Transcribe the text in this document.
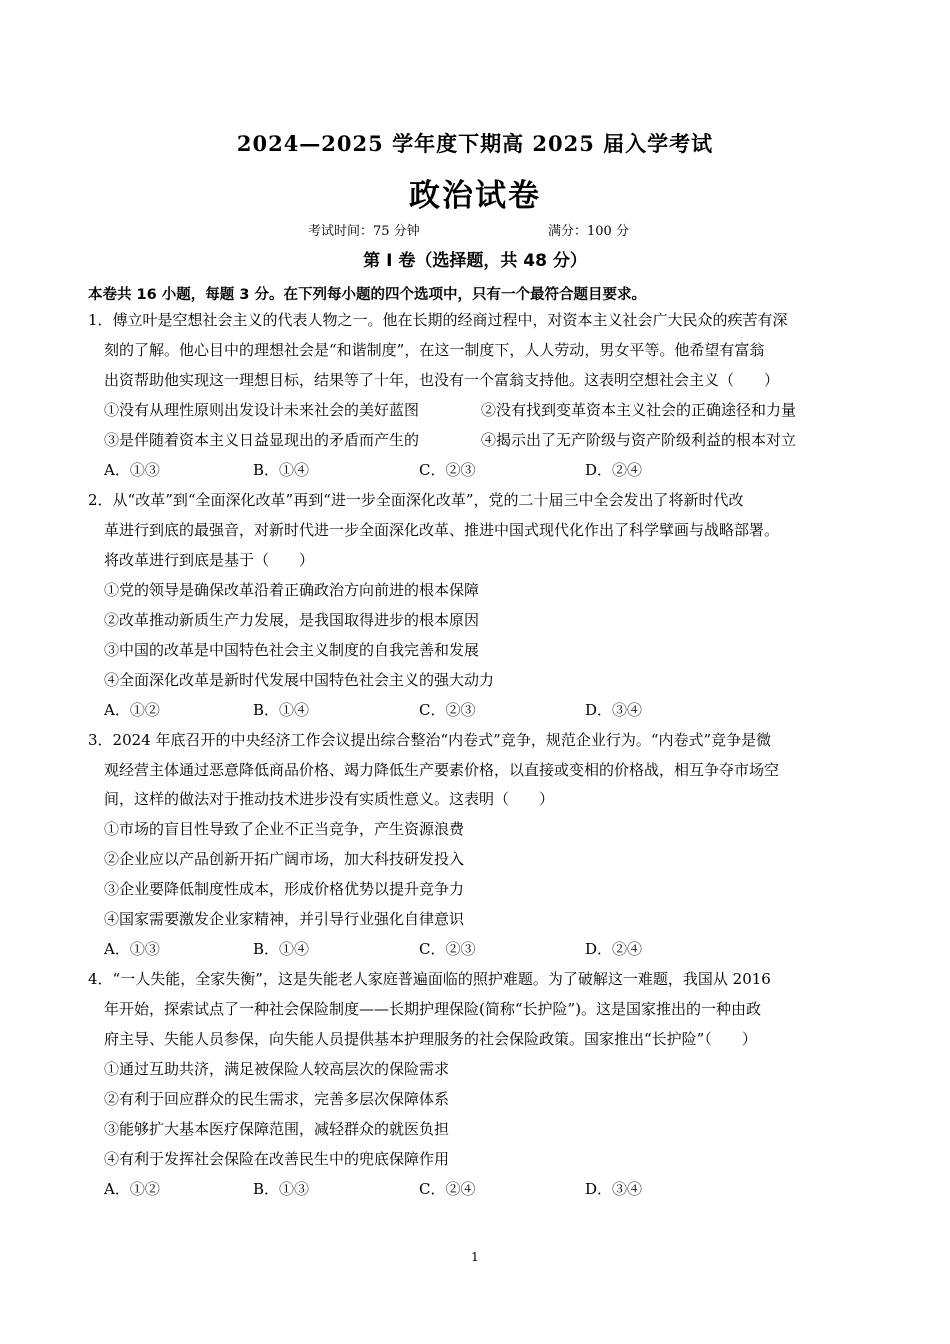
2024—2025 学年度下期高 2025 届入学考试
政治试卷
考试时间：75 分钟	满分：100 分
第 I 卷（选择题，共 48 分）
本卷共 16 小题，每题 3 分。在下列每小题的四个选项中，只有一个最符合题目要求。
1．傅立叶是空想社会主义的代表人物之一。他在长期的经商过程中，对资本主义社会广大民众的疾苦有深
刻的了解。他心目中的理想社会是“和谐制度”，在这一制度下，人人劳动，男女平等。他希望有富翁
出资帮助他实现这一理想目标，结果等了十年，也没有一个富翁支持他。这表明空想社会主义（　　）
①没有从理性原则出发设计未来社会的美好蓝图	②没有找到变革资本主义社会的正确途径和力量
③是伴随着资本主义日益显现出的矛盾而产生的	④揭示出了无产阶级与资产阶级利益的根本对立
A．①③	B．①④	C．②③	D．②④
2．从“改革”到“全面深化改革”再到“进一步全面深化改革”，党的二十届三中全会发出了将新时代改
革进行到底的最强音，对新时代进一步全面深化改革、推进中国式现代化作出了科学擘画与战略部署。
将改革进行到底是基于（　　）
①党的领导是确保改革沿着正确政治方向前进的根本保障
②改革推动新质生产力发展，是我国取得进步的根本原因
③中国的改革是中国特色社会主义制度的自我完善和发展
④全面深化改革是新时代发展中国特色社会主义的强大动力
A．①②	B．①④	C．②③	D．③④
3．2024 年底召开的中央经济工作会议提出综合整治“内卷式”竞争，规范企业行为。“内卷式”竞争是微
观经营主体通过恶意降低商品价格、竭力降低生产要素价格，以直接或变相的价格战，相互争夺市场空
间，这样的做法对于推动技术进步没有实质性意义。这表明（　　）
①市场的盲目性导致了企业不正当竞争，产生资源浪费
②企业应以产品创新开拓广阔市场，加大科技研发投入
③企业要降低制度性成本，形成价格优势以提升竞争力
④国家需要激发企业家精神，并引导行业强化自律意识
A．①③	B．①④	C．②③	D．②④
4．“一人失能，全家失衡”，这是失能老人家庭普遍面临的照护难题。为了破解这一难题，我国从 2016
年开始，探索试点了一种社会保险制度——长期护理保险(简称“长护险”)。这是国家推出的一种由政
府主导、失能人员参保，向失能人员提供基本护理服务的社会保险政策。国家推出“长护险”（　　）
①通过互助共济，满足被保险人较高层次的保险需求
②有利于回应群众的民生需求，完善多层次保障体系
③能够扩大基本医疗保障范围，减轻群众的就医负担
④有利于发挥社会保险在改善民生中的兜底保障作用
A．①②	B．①③	C．②④	D．③④
1
